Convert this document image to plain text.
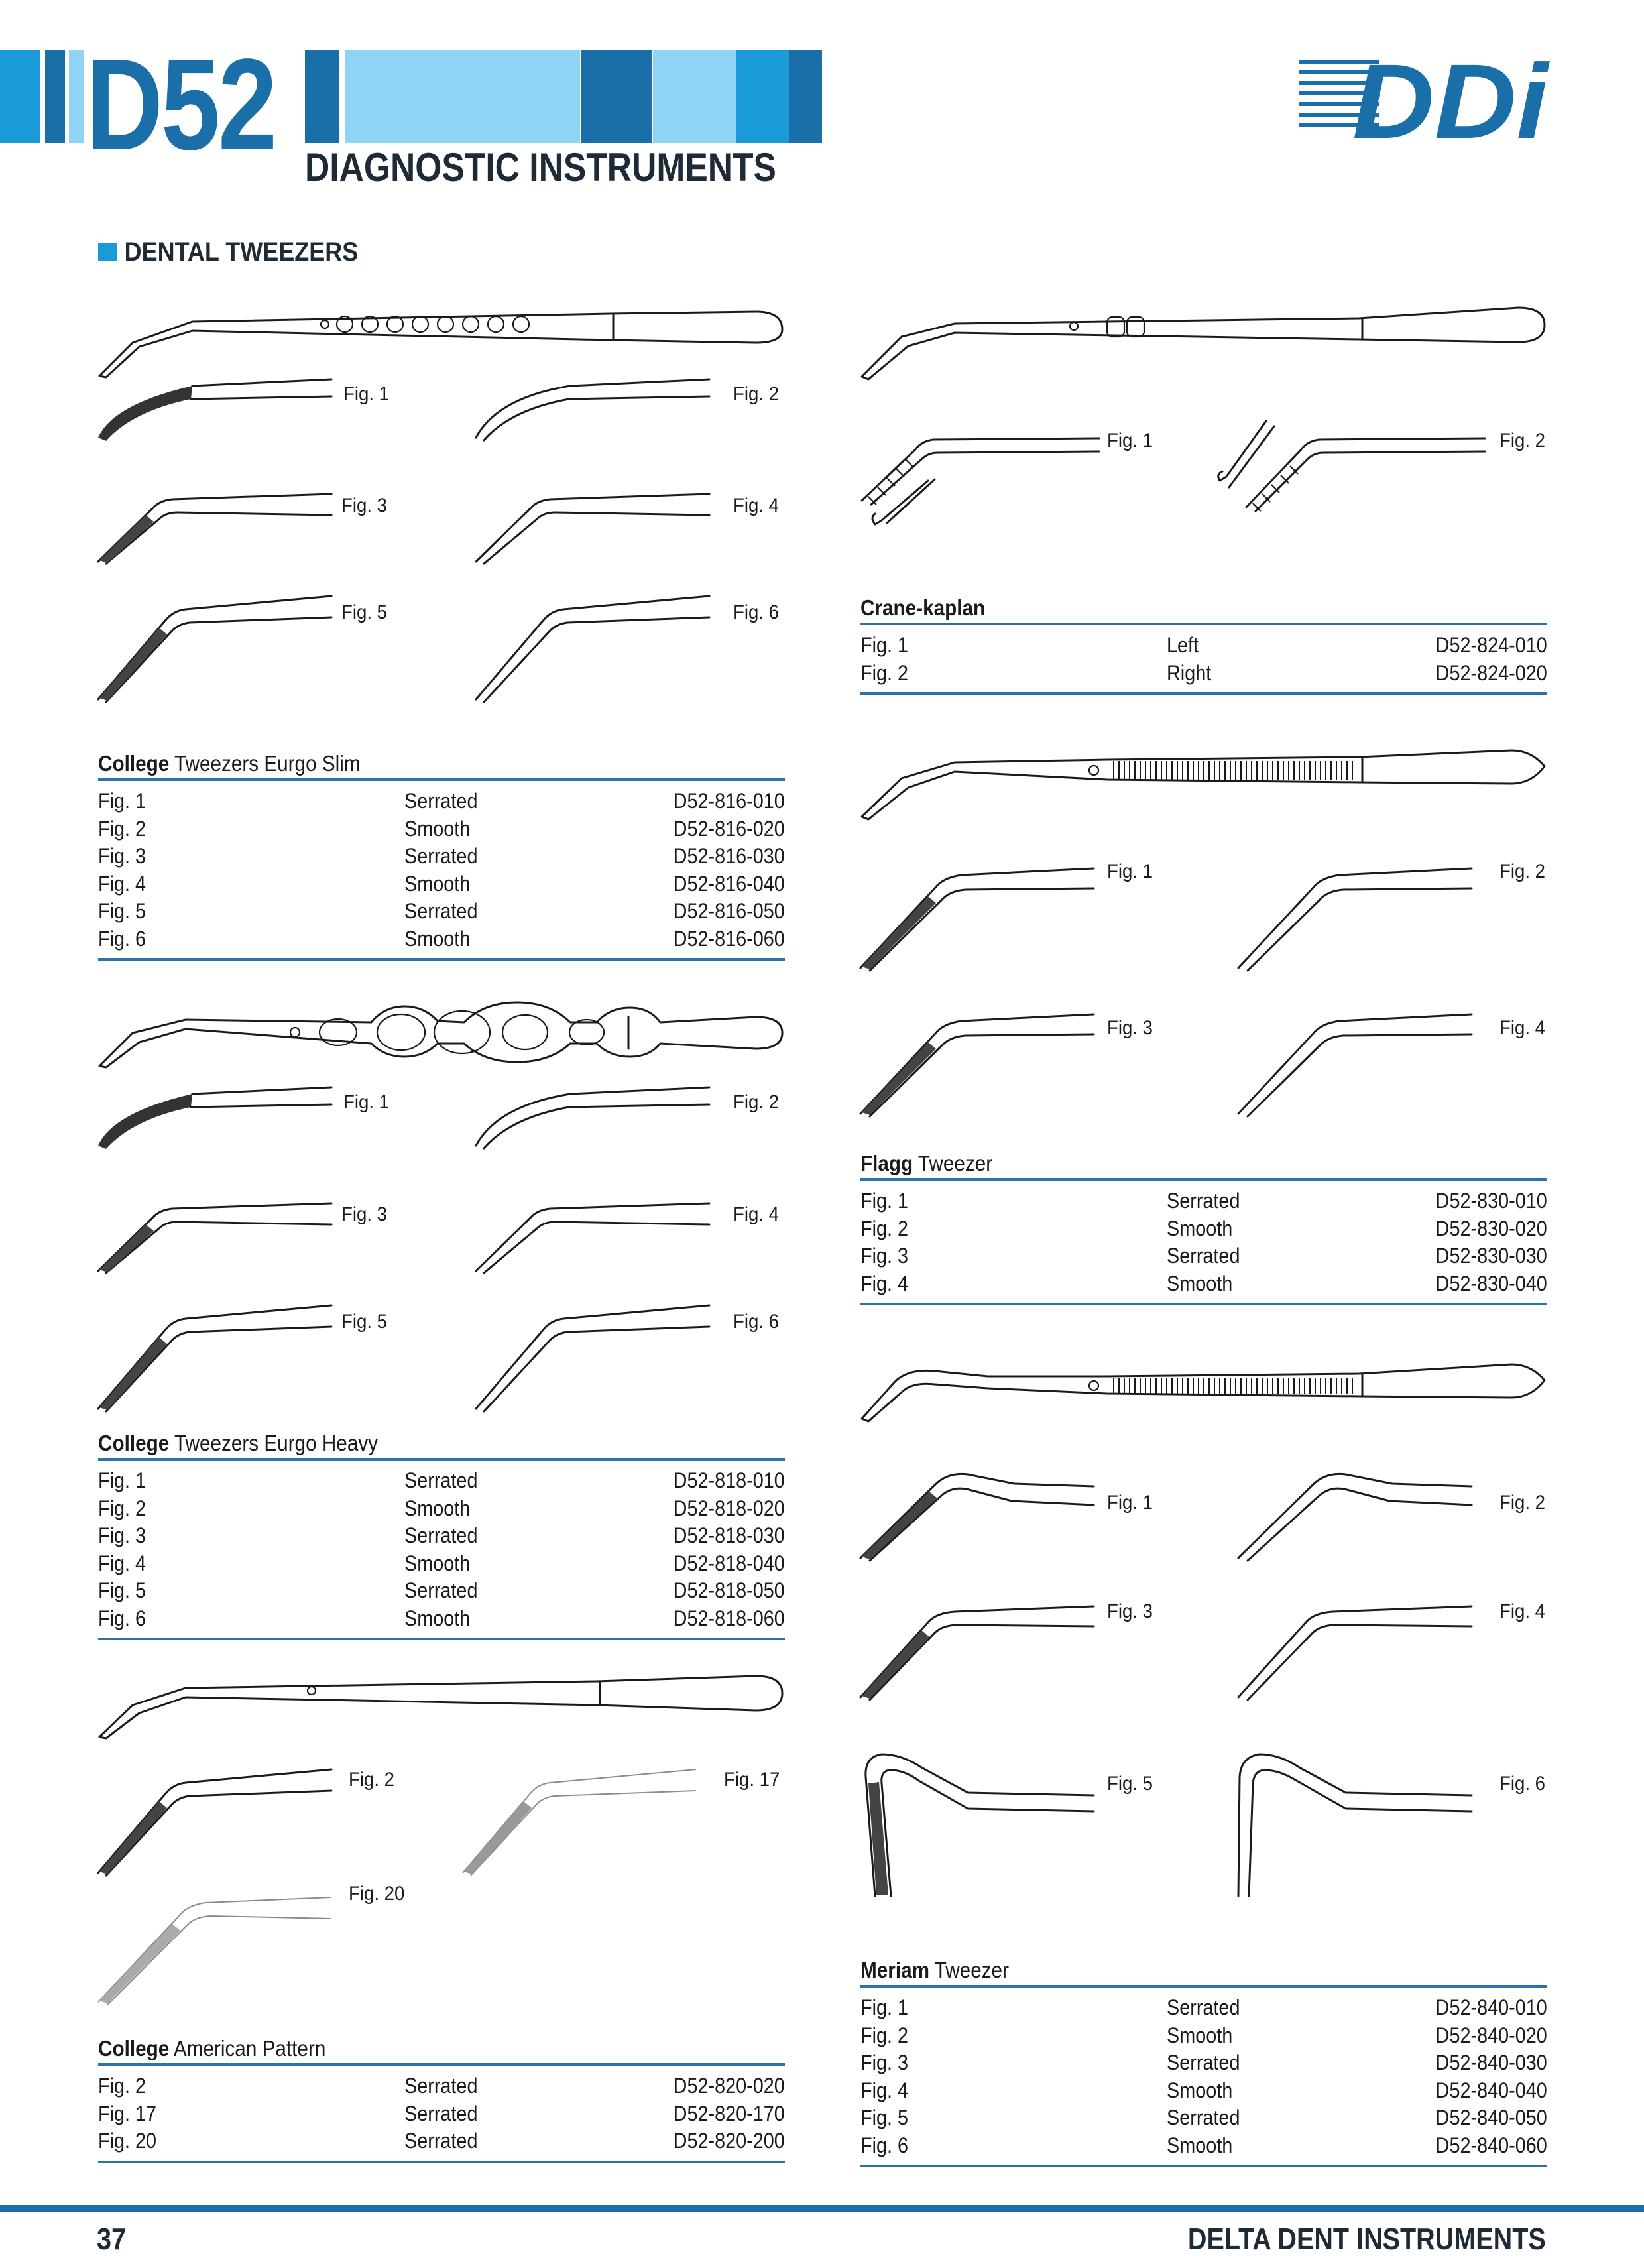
D52 DIAGNOSTIC INSTRUMENTS
DDi
DENTAL TWEEZERS
Fig. 1	Fig. 2
Fig. 3	Fig. 4
Fig. 5	Fig. 6
College Tweezers Eurgo Slim
Fig. 1	Serrated	D52-816-010
Fig. 2	Smooth	D52-816-020
Fig. 3	Serrated	D52-816-030
Fig. 4	Smooth	D52-816-040
Fig. 5	Serrated	D52-816-050
Fig. 6	Smooth	D52-816-060
Fig. 1	Fig. 2
Fig. 3	Fig. 4
Fig. 5	Fig. 6
College Tweezers Eurgo Heavy
Fig. 1	Serrated	D52-818-010
Fig. 2	Smooth	D52-818-020
Fig. 3	Serrated	D52-818-030
Fig. 4	Smooth	D52-818-040
Fig. 5	Serrated	D52-818-050
Fig. 6	Smooth	D52-818-060
Fig. 2	Fig. 17
Fig. 20
College American Pattern
Fig. 2	Serrated	D52-820-020
Fig. 17	Serrated	D52-820-170
Fig. 20	Serrated	D52-820-200
Fig. 1	Fig. 2
Crane-kaplan
Fig. 1	Left	D52-824-010
Fig. 2	Right	D52-824-020
Fig. 1	Fig. 2
Fig. 3	Fig. 4
Flagg Tweezer
Fig. 1	Serrated	D52-830-010
Fig. 2	Smooth	D52-830-020
Fig. 3	Serrated	D52-830-030
Fig. 4	Smooth	D52-830-040
Fig. 1	Fig. 2
Fig. 3	Fig. 4
Fig. 5	Fig. 6
Meriam Tweezer
Fig. 1	Serrated	D52-840-010
Fig. 2	Smooth	D52-840-020
Fig. 3	Serrated	D52-840-030
Fig. 4	Smooth	D52-840-040
Fig. 5	Serrated	D52-840-050
Fig. 6	Smooth	D52-840-060
37	DELTA DENT INSTRUMENTS
